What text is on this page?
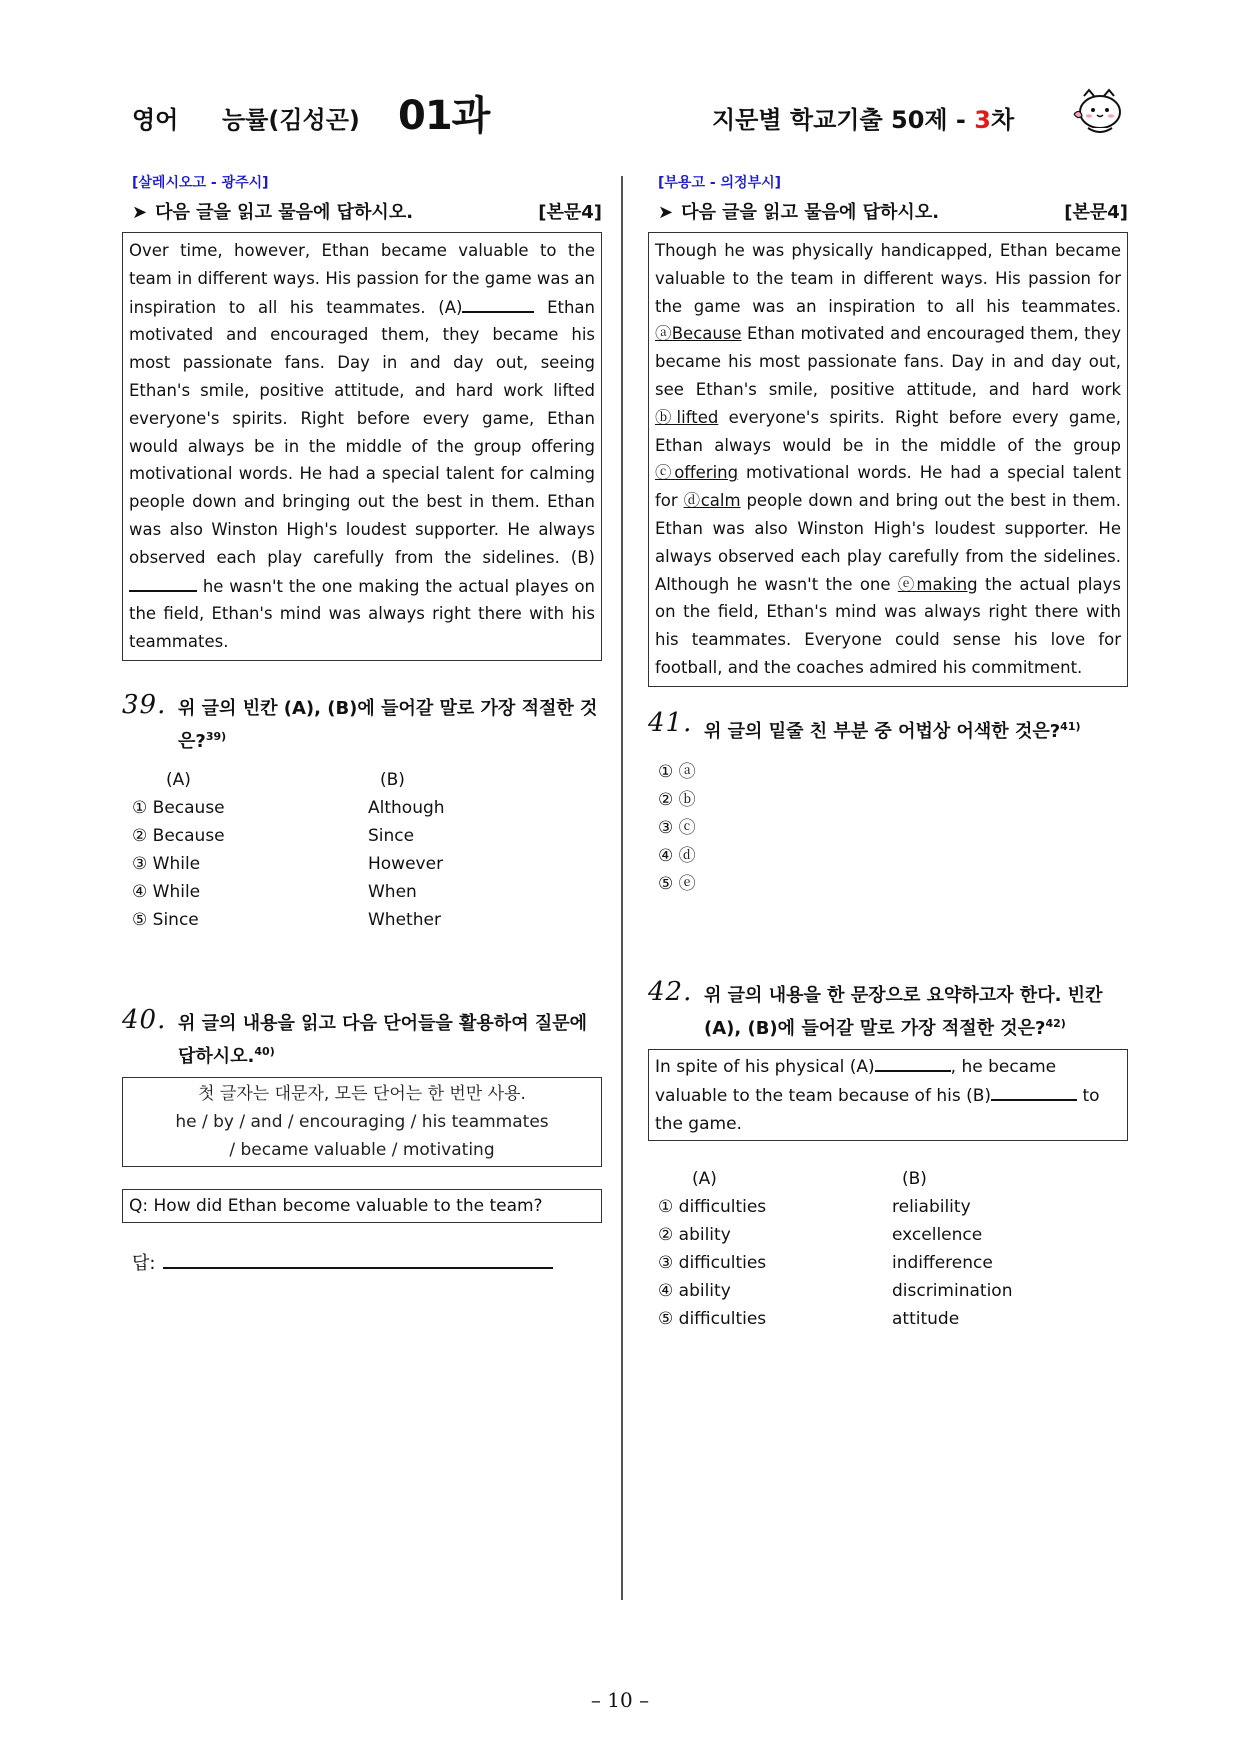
영어 능률(김성곤) 01과	지문별 학교기출 50제 - 3차
[살레시오고 - 광주시]
➤ 다음 글을 읽고 물음에 답하시오.	[본문4]
Over time, however, Ethan became valuable to the team in different ways. His passion for the game was an inspiration to all his teammates. (A)	Ethan motivated and encouraged them, they became his most passionate fans. Day in and day out, seeing Ethan's smile, positive attitude, and hard work lifted everyone's spirits. Right before every game, Ethan would always be in the middle of the group offering motivational words. He had a special talent for calming people down and bringing out the best in them. Ethan was also Winston High's loudest supporter. He always observed each play carefully from the sidelines. (B) he wasn't the one making the actual playes on the field, Ethan's mind was always right there with his teammates.
39. 위 글의 빈칸 (A), (B)에 들어갈 말로 가장 적절한 것은?$^{39)}$
(A)	(B)
① Because	Although
② Because	Since
③ While	However
④ While	When
⑤ Since	Whether
40. 위 글의 내용을 읽고 다음 단어들을 활용하여 질문에 답하시오.$^{40)}$
첫 글자는 대문자, 모든 단어는 한 번만 사용.
he / by / and / encouraging / his teammates
/ became valuable / motivating
Q: How did Ethan become valuable to the team?
답:
[부용고 - 의정부시]
➤ 다음 글을 읽고 물음에 답하시오.	[본문4]
Though he was physically handicapped, Ethan became valuable to the team in different ways. His passion for the game was an inspiration to all his teammates. ⓐBecause Ethan motivated and encouraged them, they became his most passionate fans. Day in and day out, see Ethan's smile, positive attitude, and hard work ⓑlifted everyone's spirits. Right before every game, Ethan always would be in the middle of the group ⓒoffering motivational words. He had a special talent for ⓓcalm people down and bring out the best in them. Ethan was also Winston High's loudest supporter. He always observed each play carefully from the sidelines. Although he wasn't the one ⓔmaking the actual plays on the field, Ethan's mind was always right there with his teammates. Everyone could sense his love for football, and the coaches admired his commitment.
41. 위 글의 밑줄 친 부분 중 어법상 어색한 것은?$^{41)}$
① ⓐ
② ⓑ
③ ⓒ
④ ⓓ
⑤ ⓔ
42. 위 글의 내용을 한 문장으로 요약하고자 한다. 빈칸
(A), (B)에 들어갈 말로 가장 적절한 것은?$^{42)}$
In spite of his physical (A)	, he became valuable to the team because of his (B)	to the game.
(A)	(B)
① difficulties	reliability
② ability	excellence
③ difficulties	indifference
④ ability	discrimination
⑤ difficulties	attitude
– 10 –
